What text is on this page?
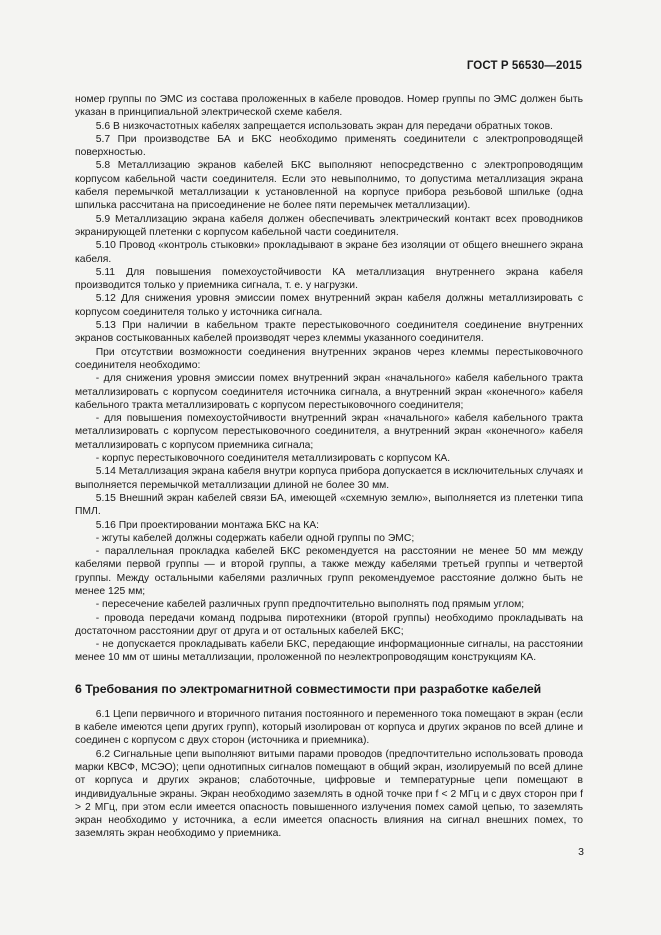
ГОСТ Р 56530—2015

номер группы по ЭМС из состава проложенных в кабеле проводов. Номер группы по ЭМС должен быть указан в принципиальной электрической схеме кабеля.

5.6 В низкочастотных кабелях запрещается использовать экран для передачи обратных токов.

5.7 При производстве БА и БКС необходимо применять соединители с электропроводящей поверхностью.

5.8 Металлизацию экранов кабелей БКС выполняют непосредственно с электропроводящим корпусом кабельной части соединителя. Если это невыполнимо, то допустима металлизация экрана кабеля перемычкой металлизации к установленной на корпусе прибора резьбовой шпильке (одна шпилька рассчитана на присоединение не более пяти перемычек металлизации).

5.9 Металлизацию экрана кабеля должен обеспечивать электрический контакт всех проводников экранирующей плетенки с корпусом кабельной части соединителя.

5.10 Провод «контроль стыковки» прокладывают в экране без изоляции от общего внешнего экрана кабеля.

5.11 Для повышения помехоустойчивости КА металлизация внутреннего экрана кабеля производится только у приемника сигнала, т. е. у нагрузки.

5.12 Для снижения уровня эмиссии помех внутренний экран кабеля должны металлизировать с корпусом соединителя только у источника сигнала.

5.13 При наличии в кабельном тракте перестыковочного соединителя соединение внутренних экранов состыкованных кабелей производят через клеммы указанного соединителя.

При отсутствии возможности соединения внутренних экранов через клеммы перестыковочного соединителя необходимо:

- для снижения уровня эмиссии помех внутренний экран «начального» кабеля кабельного тракта металлизировать с корпусом соединителя источника сигнала, а внутренний экран «конечного» кабеля кабельного тракта металлизировать с корпусом перестыковочного соединителя;

- для повышения помехоустойчивости внутренний экран «начального» кабеля кабельного тракта металлизировать с корпусом перестыковочного соединителя, а внутренний экран «конечного» кабеля металлизировать с корпусом приемника сигнала;

- корпус перестыковочного соединителя металлизировать с корпусом КА.

5.14 Металлизация экрана кабеля внутри корпуса прибора допускается в исключительных случаях и выполняется перемычкой металлизации длиной не более 30 мм.

5.15 Внешний экран кабелей связи БА, имеющей «схемную землю», выполняется из плетенки типа ПМЛ.

5.16 При проектировании монтажа БКС на КА:

- жгуты кабелей должны содержать кабели одной группы по ЭМС;

- параллельная прокладка кабелей БКС рекомендуется на расстоянии не менее 50 мм между кабелями первой группы — и второй группы, а также между кабелями третьей группы и четвертой группы. Между остальными кабелями различных групп рекомендуемое расстояние должно быть не менее 125 мм;

- пересечение кабелей различных групп предпочтительно выполнять под прямым углом;

- провода передачи команд подрыва пиротехники (второй группы) необходимо прокладывать на достаточном расстоянии друг от друга и от остальных кабелей БКС;

- не допускается прокладывать кабели БКС, передающие информационные сигналы, на расстоянии менее 10 мм от шины металлизации, проложенной по неэлектропроводящим конструкциям КА.

6 Требования по электромагнитной совместимости при разработке кабелей

6.1 Цепи первичного и вторичного питания постоянного и переменного тока помещают в экран (если в кабеле имеются цепи других групп), который изолирован от корпуса и других экранов по всей длине и соединен с корпусом с двух сторон (источника и приемника).

6.2 Сигнальные цепи выполняют витыми парами проводов (предпочтительно использовать провода марки КВСФ, МСЭО); цепи однотипных сигналов помещают в общий экран, изолируемый по всей длине от корпуса и других экранов; слаботочные, цифровые и температурные цепи помещают в индивидуальные экраны. Экран необходимо заземлять в одной точке при f < 2 МГц и с двух сторон при f > 2 МГц, при этом если имеется опасность повышенного излучения помех самой цепью, то заземлять экран необходимо у источника, а если имеется опасность влияния на сигнал внешних помех, то заземлять экран необходимо у приемника.

3
